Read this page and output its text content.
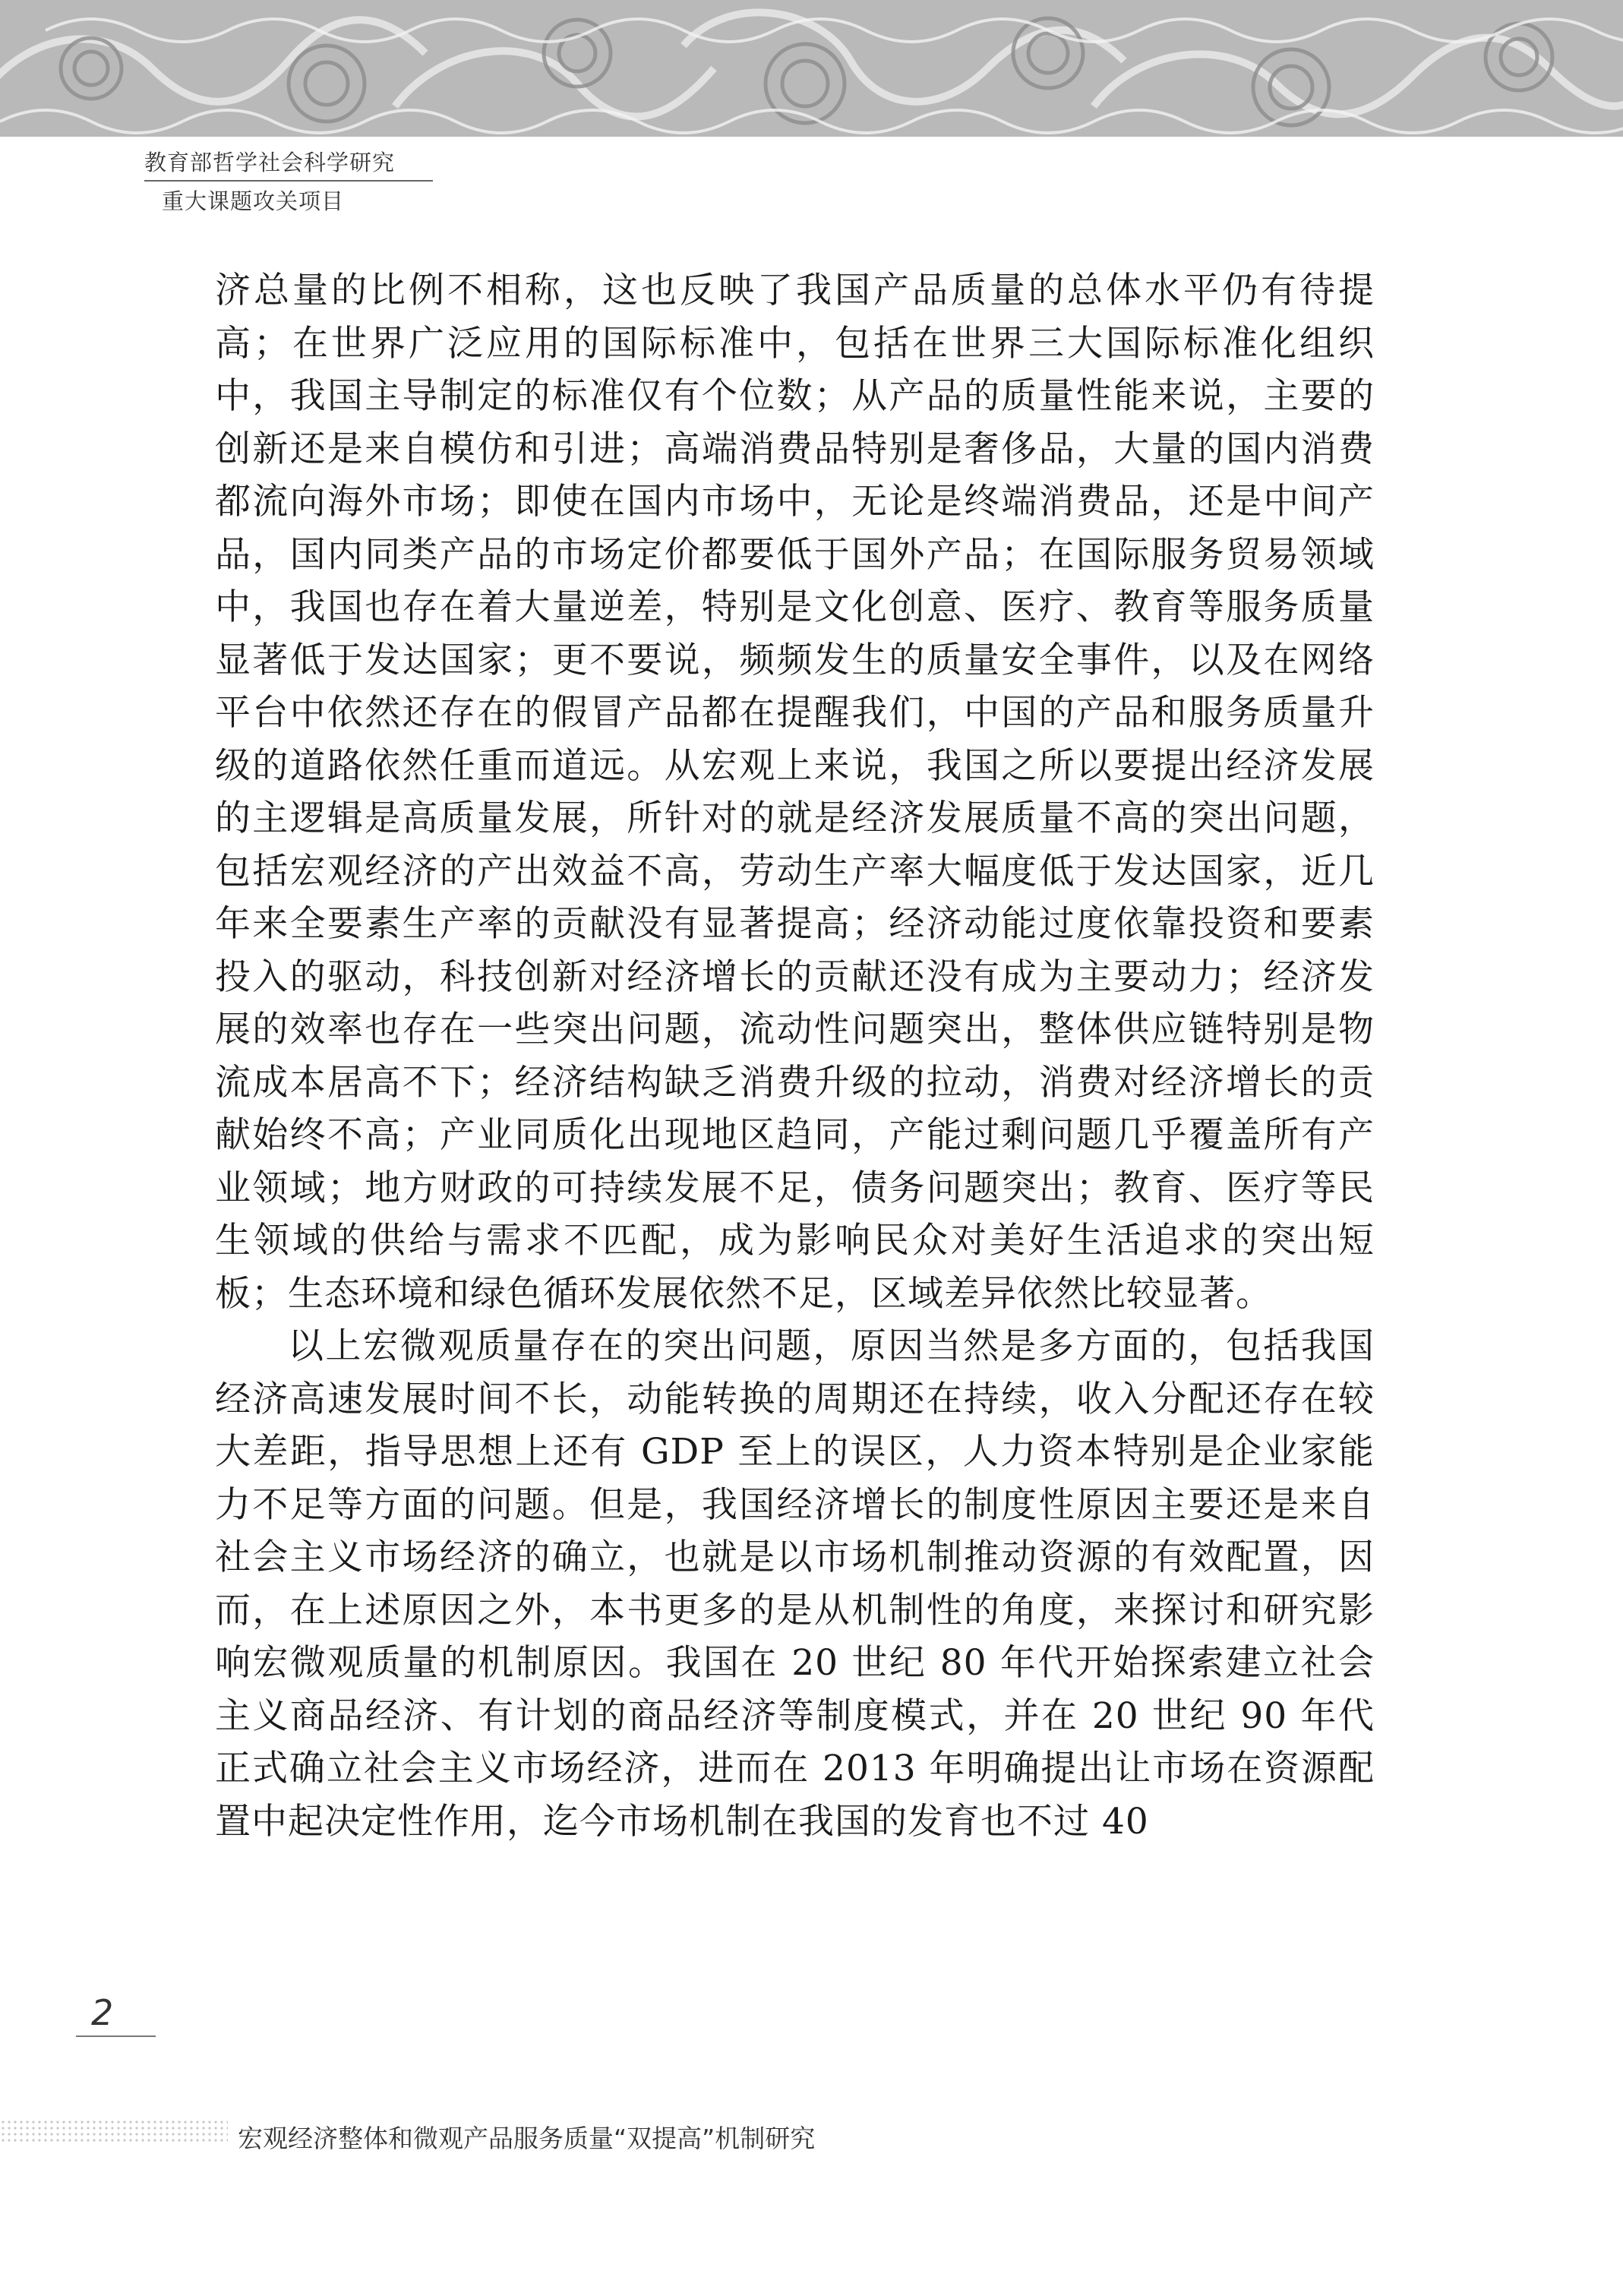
教育部哲学社会科学研究
重大课题攻关项目

济总量的比例不相称，这也反映了我国产品质量的总体水平仍有待提高；在世界广泛应用的国际标准中，包括在世界三大国际标准化组织中，我国主导制定的标准仅有个位数；从产品的质量性能来说，主要的创新还是来自模仿和引进；高端消费品特别是奢侈品，大量的国内消费都流向海外市场；即使在国内市场中，无论是终端消费品，还是中间产品，国内同类产品的市场定价都要低于国外产品；在国际服务贸易领域中，我国也存在着大量逆差，特别是文化创意、医疗、教育等服务质量显著低于发达国家；更不要说，频频发生的质量安全事件，以及在网络平台中依然还存在的假冒产品都在提醒我们，中国的产品和服务质量升级的道路依然任重而道远。从宏观上来说，我国之所以要提出经济发展的主逻辑是高质量发展，所针对的就是经济发展质量不高的突出问题，包括宏观经济的产出效益不高，劳动生产率大幅度低于发达国家，近几年来全要素生产率的贡献没有显著提高；经济动能过度依靠投资和要素投入的驱动，科技创新对经济增长的贡献还没有成为主要动力；经济发展的效率也存在一些突出问题，流动性问题突出，整体供应链特别是物流成本居高不下；经济结构缺乏消费升级的拉动，消费对经济增长的贡献始终不高；产业同质化出现地区趋同，产能过剩问题几乎覆盖所有产业领域；地方财政的可持续发展不足，债务问题突出；教育、医疗等民生领域的供给与需求不匹配，成为影响民众对美好生活追求的突出短板；生态环境和绿色循环发展依然不足，区域差异依然比较显著。

以上宏微观质量存在的突出问题，原因当然是多方面的，包括我国经济高速发展时间不长，动能转换的周期还在持续，收入分配还存在较大差距，指导思想上还有 GDP 至上的误区，人力资本特别是企业家能力不足等方面的问题。但是，我国经济增长的制度性原因主要还是来自社会主义市场经济的确立，也就是以市场机制推动资源的有效配置，因而，在上述原因之外，本书更多的是从机制性的角度，来探讨和研究影响宏微观质量的机制原因。我国在 20 世纪 80 年代开始探索建立社会主义商品经济、有计划的商品经济等制度模式，并在 20 世纪 90 年代正式确立社会主义市场经济，进而在 2013 年明确提出让市场在资源配置中起决定性作用，迄今市场机制在我国的发育也不过 40

2
宏观经济整体和微观产品服务质量“双提高”机制研究
